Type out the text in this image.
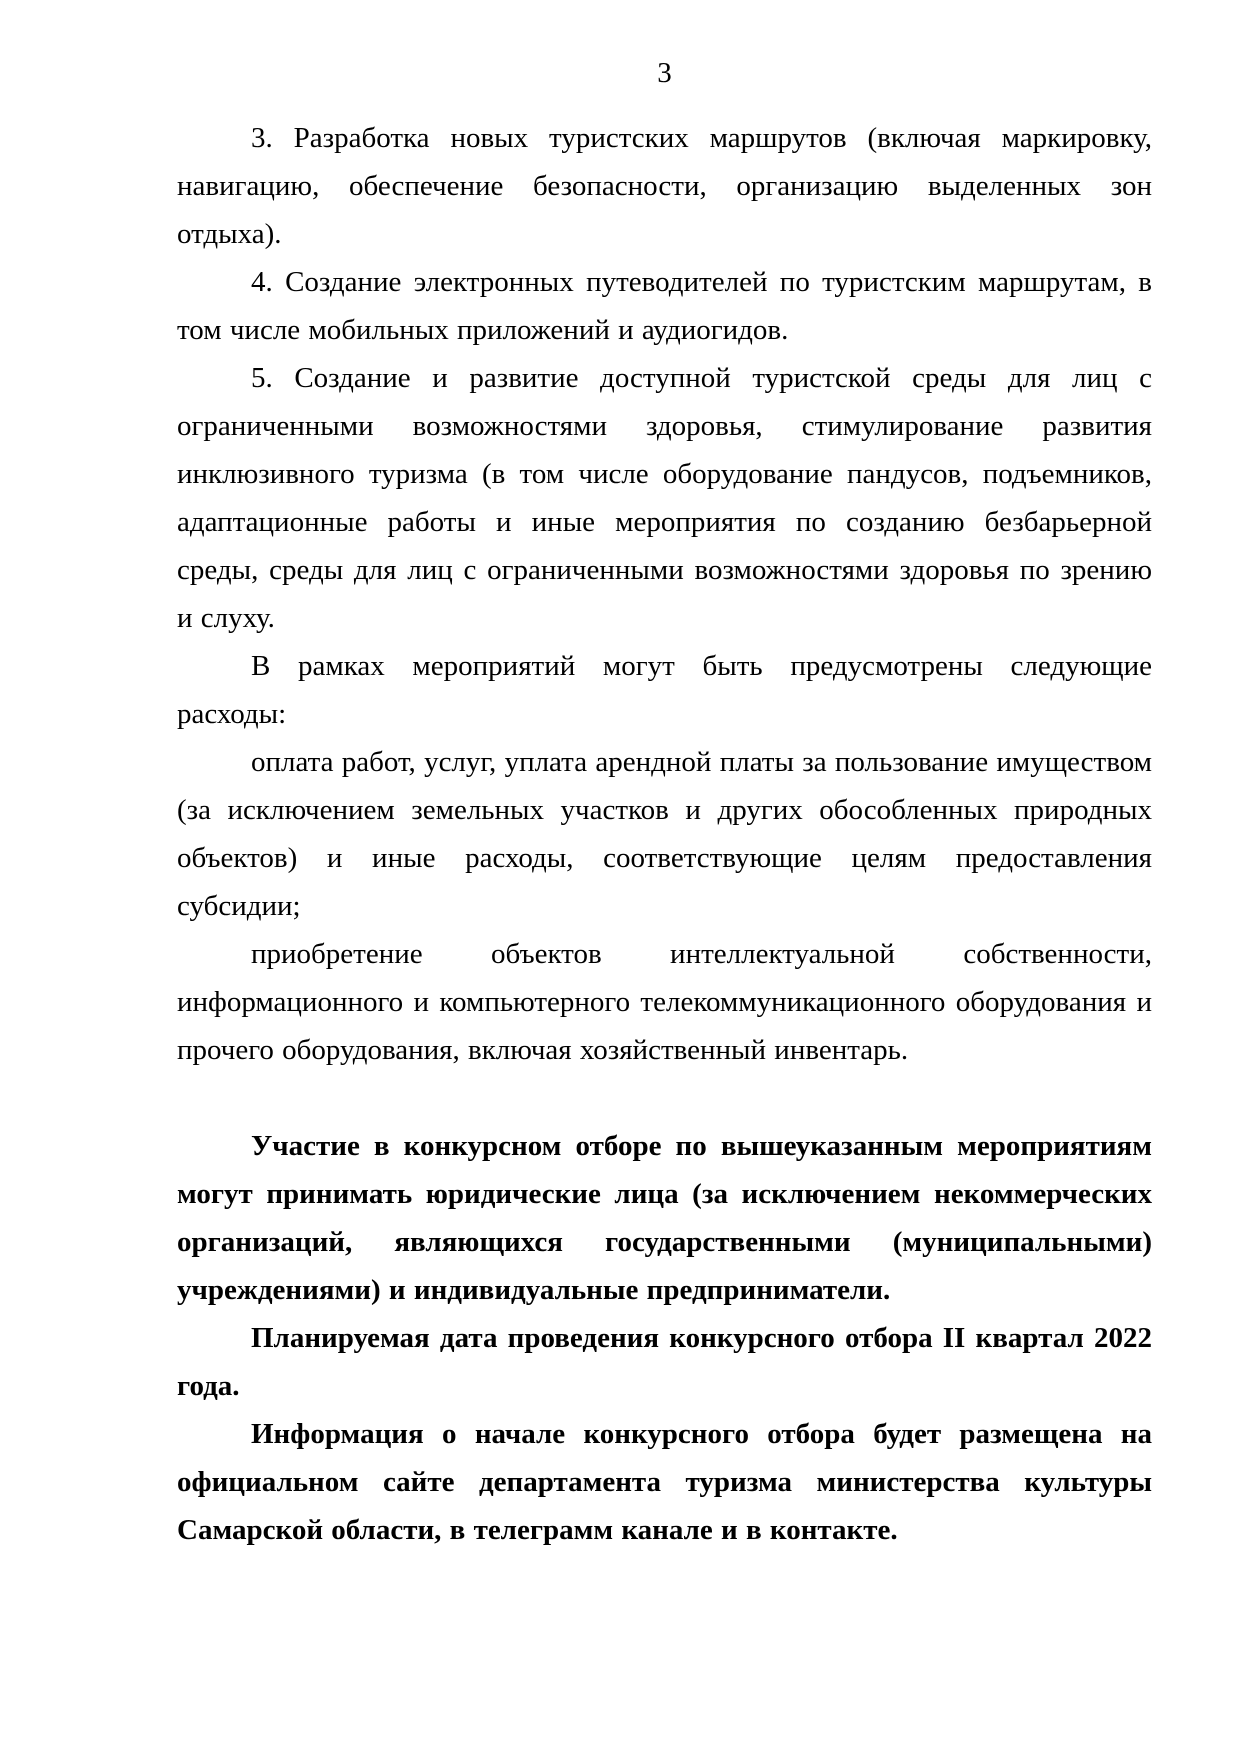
3

3. Разработка новых туристских маршрутов (включая маркировку, навигацию, обеспечение безопасности, организацию выделенных зон отдыха).

4. Создание электронных путеводителей по туристским маршрутам, в том числе мобильных приложений и аудиогидов.

5. Создание и развитие доступной туристской среды для лиц с ограниченными возможностями здоровья, стимулирование развития инклюзивного туризма (в том числе оборудование пандусов, подъемников, адаптационные работы и иные мероприятия по созданию безбарьерной среды, среды для лиц с ограниченными возможностями здоровья по зрению и слуху.

В рамках мероприятий могут быть предусмотрены следующие расходы:

оплата работ, услуг, уплата арендной платы за пользование имуществом (за исключением земельных участков и других обособленных природных объектов) и иные расходы, соответствующие целям предоставления субсидии;

приобретение объектов интеллектуальной собственности, информационного и компьютерного телекоммуникационного оборудования и прочего оборудования, включая хозяйственный инвентарь.

Участие в конкурсном отборе по вышеуказанным мероприятиям могут принимать юридические лица (за исключением некоммерческих организаций, являющихся государственными (муниципальными) учреждениями) и индивидуальные предприниматели.

Планируемая дата проведения конкурсного отбора II квартал 2022 года.

Информация о начале конкурсного отбора будет размещена на официальном сайте департамента туризма министерства культуры Самарской области, в телеграмм канале и в контакте.
